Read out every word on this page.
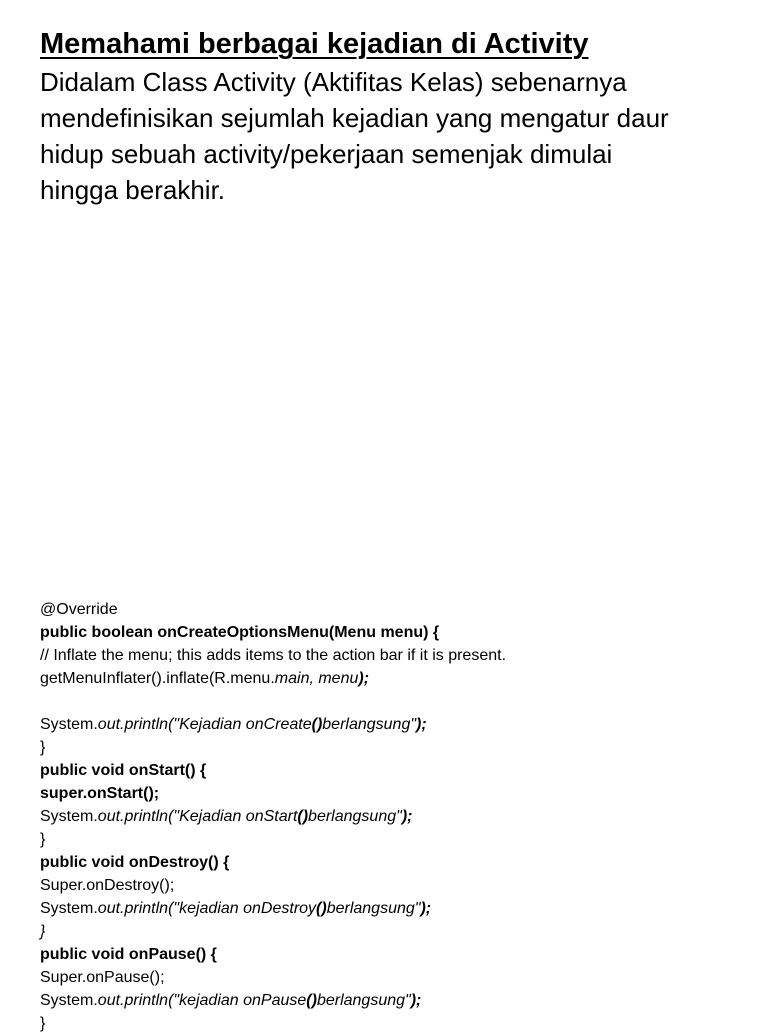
Memahami berbagai kejadian di Activity

Didalam Class Activity (Aktifitas Kelas) sebenarnya
mendefinisikan sejumlah kejadian yang mengatur daur
hidup sebuah activity/pekerjaan semenjak dimulai
hingga berakhir.

@Override
public boolean onCreateOptionsMenu(Menu menu) {
// Inflate the menu; this adds items to the action bar if it is present.
getMenuInflater().inflate(R.menu.main, menu);
System.out.println("Kejadian onCreate()berlangsung");
}
public void onStart() {
super.onStart();
System.out.println("Kejadian onStart()berlangsung");
}
public void onDestroy() {
Super.onDestroy();
System.out.println("kejadian onDestroy()berlangsung");
}
public void onPause() {
Super.onPause();
System.out.println("kejadian onPause()berlangsung");
}
